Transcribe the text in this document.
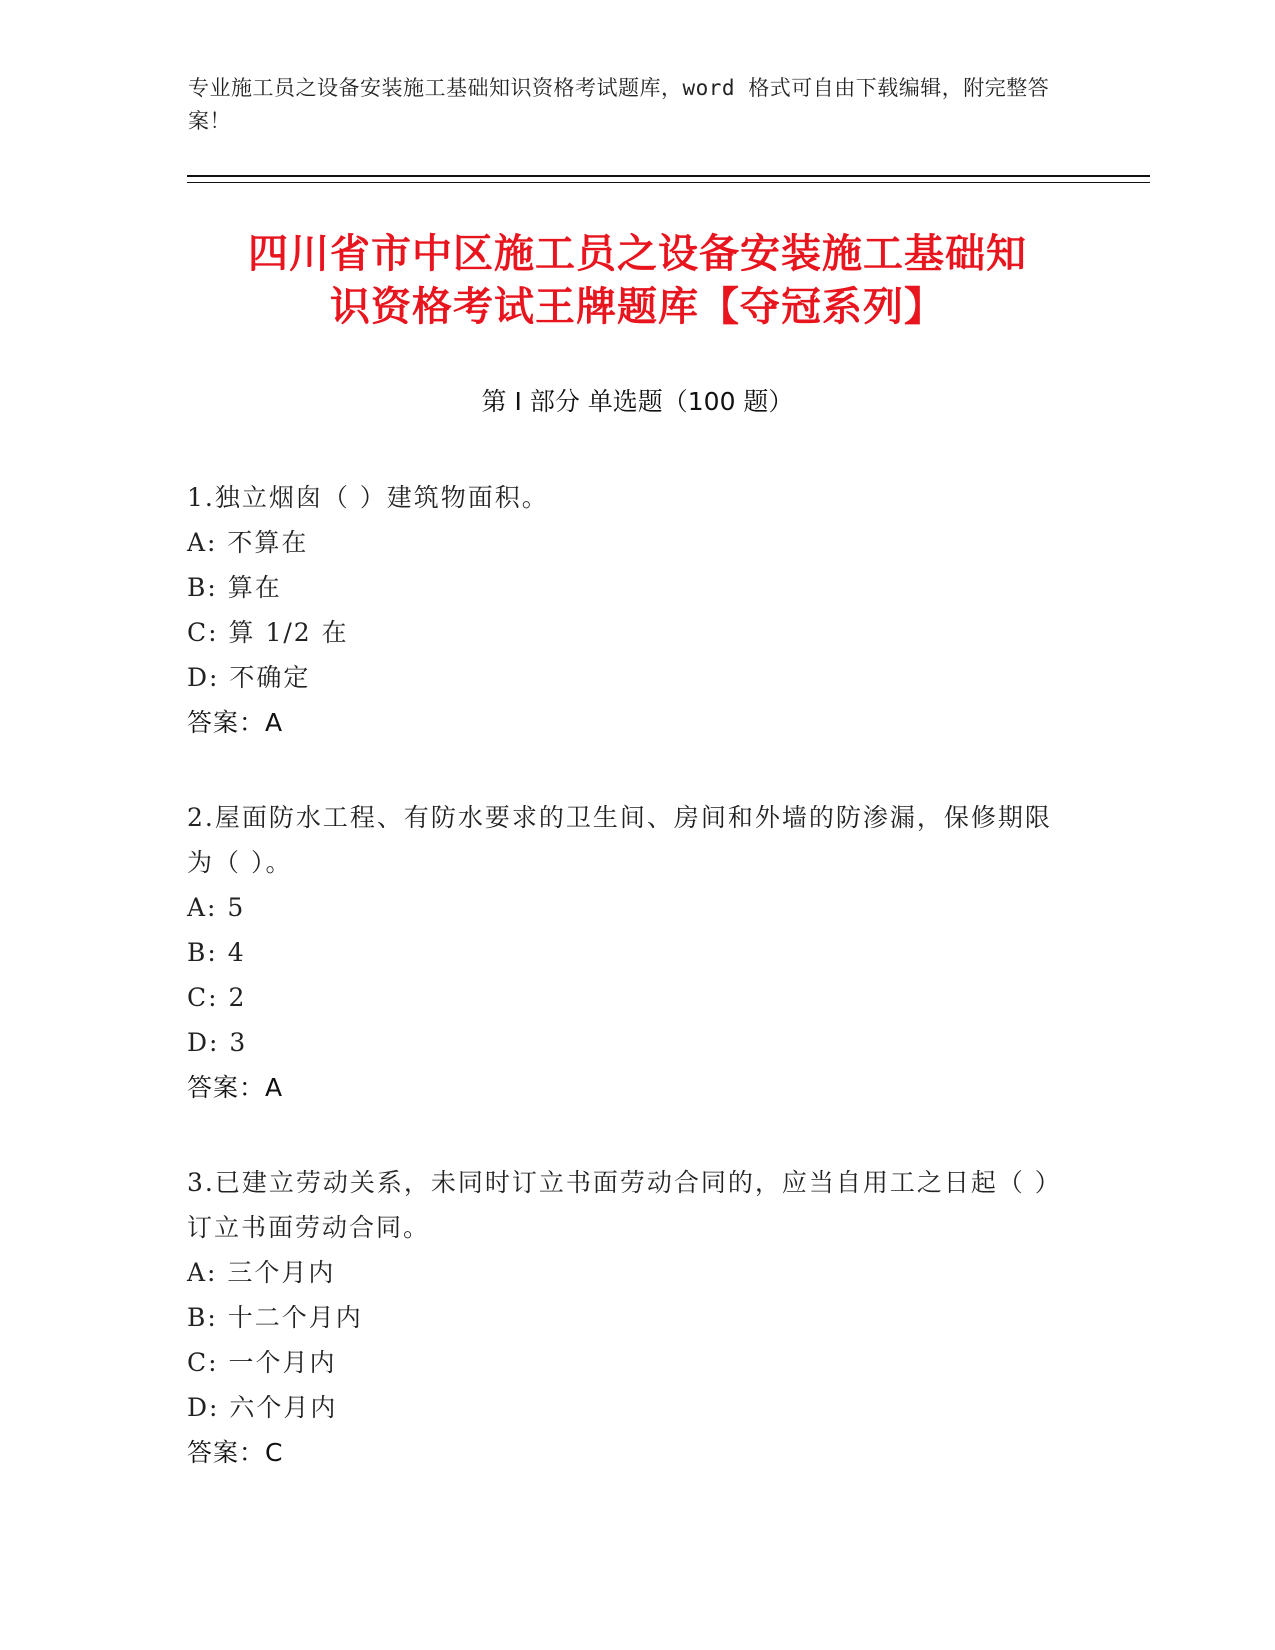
专业施工员之设备安装施工基础知识资格考试题库，word 格式可自由下载编辑，附完整答案！
四川省市中区施工员之设备安装施工基础知
识资格考试王牌题库【夺冠系列】
第 I 部分 单选题（100 题）
1.独立烟囱（ ）建筑物面积。
A: 不算在
B: 算在
C: 算 1/2 在
D: 不确定
答案：A
2.屋面防水工程、有防水要求的卫生间、房间和外墙的防渗漏，保修期限为（ ）。
A: 5
B: 4
C: 2
D: 3
答案：A
3.已建立劳动关系，未同时订立书面劳动合同的，应当自用工之日起（ ）订立书面劳动合同。
A: 三个月内
B: 十二个月内
C: 一个月内
D: 六个月内
答案：C
